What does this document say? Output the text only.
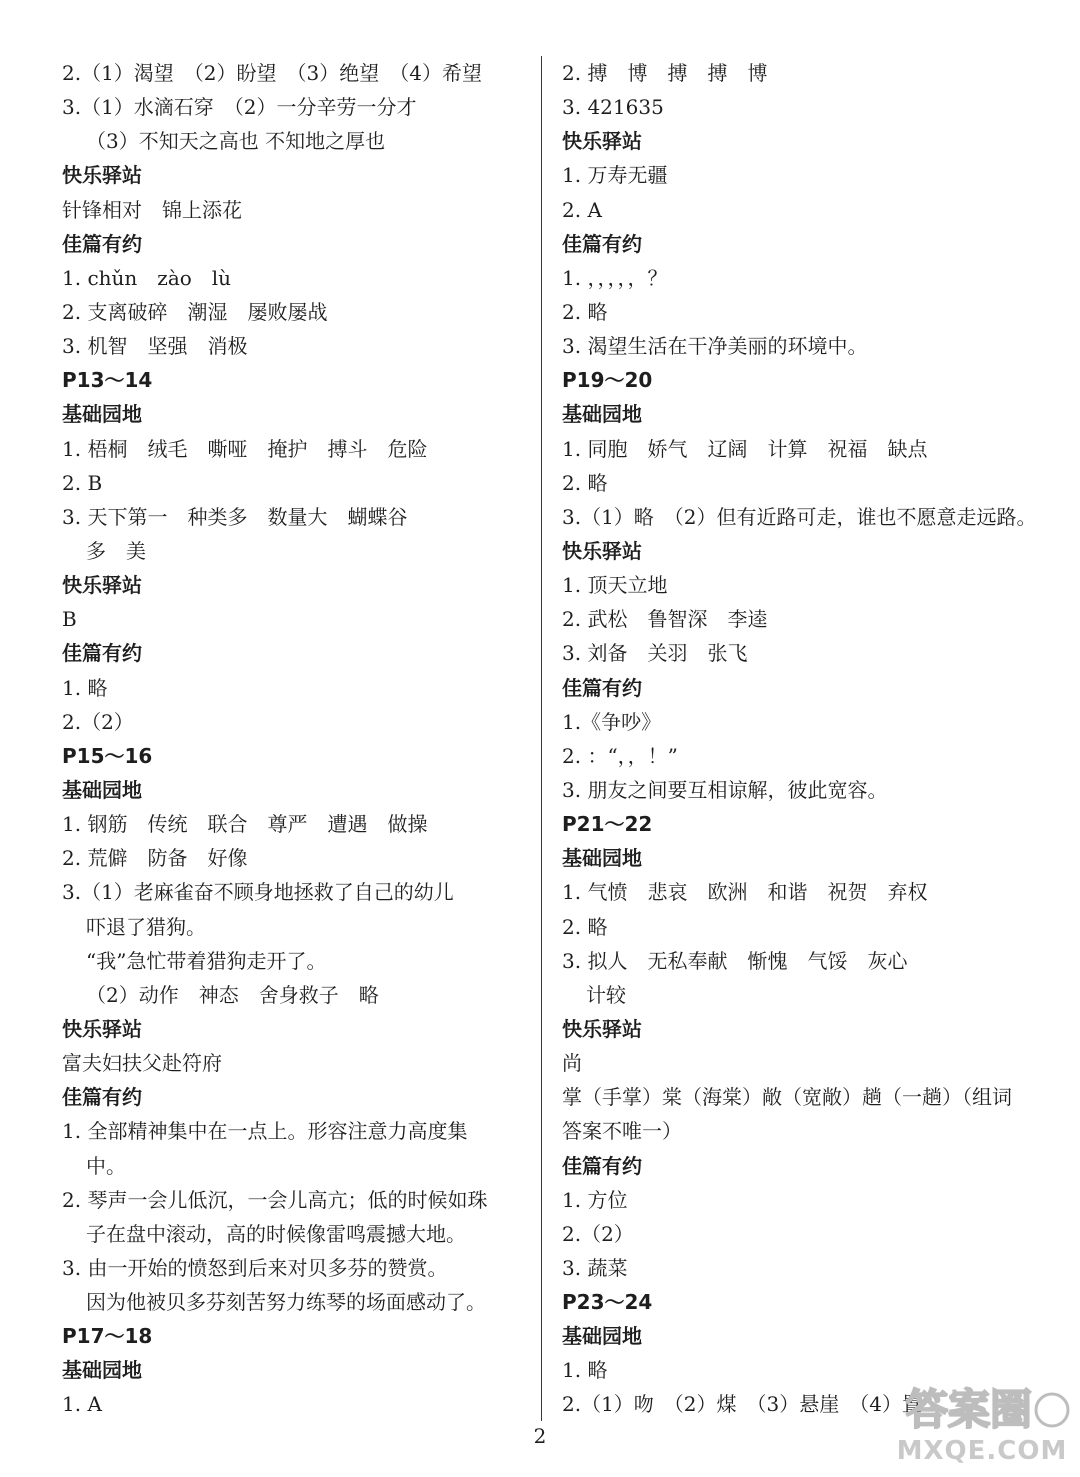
2.（1）渴望　（2）盼望　（3）绝望　（4）希望
3.（1）水滴石穿　（2）一分辛劳一分才
（3）不知天之高也 不知地之厚也
快乐驿站
针锋相对　锦上添花
佳篇有约
1. chǔn　zào　lù
2. 支离破碎　潮湿　屡败屡战
3. 机智　坚强　消极
P13～14
基础园地
1. 梧桐　绒毛　嘶哑　掩护　搏斗　危险
2. B
3. 天下第一　种类多　数量大　蝴蝶谷
多　美
快乐驿站
B
佳篇有约
1. 略
2.（2）
P15～16
基础园地
1. 钢筋　传统　联合　尊严　遭遇　做操
2. 荒僻　防备　好像
3.（1）老麻雀奋不顾身地拯救了自己的幼儿
吓退了猎狗。
“我”急忙带着猎狗走开了。
（2）动作　神态　舍身救子　略
快乐驿站
富夫妇扶父赴符府
佳篇有约
1. 全部精神集中在一点上。形容注意力高度集
中。
2. 琴声一会儿低沉，一会儿高亢；低的时候如珠
子在盘中滚动，高的时候像雷鸣震撼大地。
3. 由一开始的愤怒到后来对贝多芬的赞赏。
因为他被贝多芬刻苦努力练琴的场面感动了。
P17～18
基础园地
1. A
2. 搏　博　搏　搏　博
3. 421635
快乐驿站
1. 万寿无疆
2. A
佳篇有约
1. ，，，，，？
2. 略
3. 渴望生活在干净美丽的环境中。
P19～20
基础园地
1. 同胞　娇气　辽阔　计算　祝福　缺点
2. 略
3.（1）略　（2）但有近路可走，谁也不愿意走远路。
快乐驿站
1. 顶天立地
2. 武松　鲁智深　李逵
3. 刘备　关羽　张飞
佳篇有约
1.《争吵》
2. ：“，，！”
3. 朋友之间要互相谅解，彼此宽容。
P21～22
基础园地
1. 气愤　悲哀　欧洲　和谐　祝贺　弃权
2. 略
3. 拟人　无私奉献　惭愧　气馁　灰心
计较
快乐驿站
尚
掌（手掌）棠（海棠）敞（宽敞）趟（一趟）（组词
答案不唯一）
佳篇有约
1. 方位
2.（2）
3. 蔬菜
P23～24
基础园地
1. 略
2.（1）吻　（2）煤　（3）悬崖　（4）置
2
答案圈
MXQE.COM
